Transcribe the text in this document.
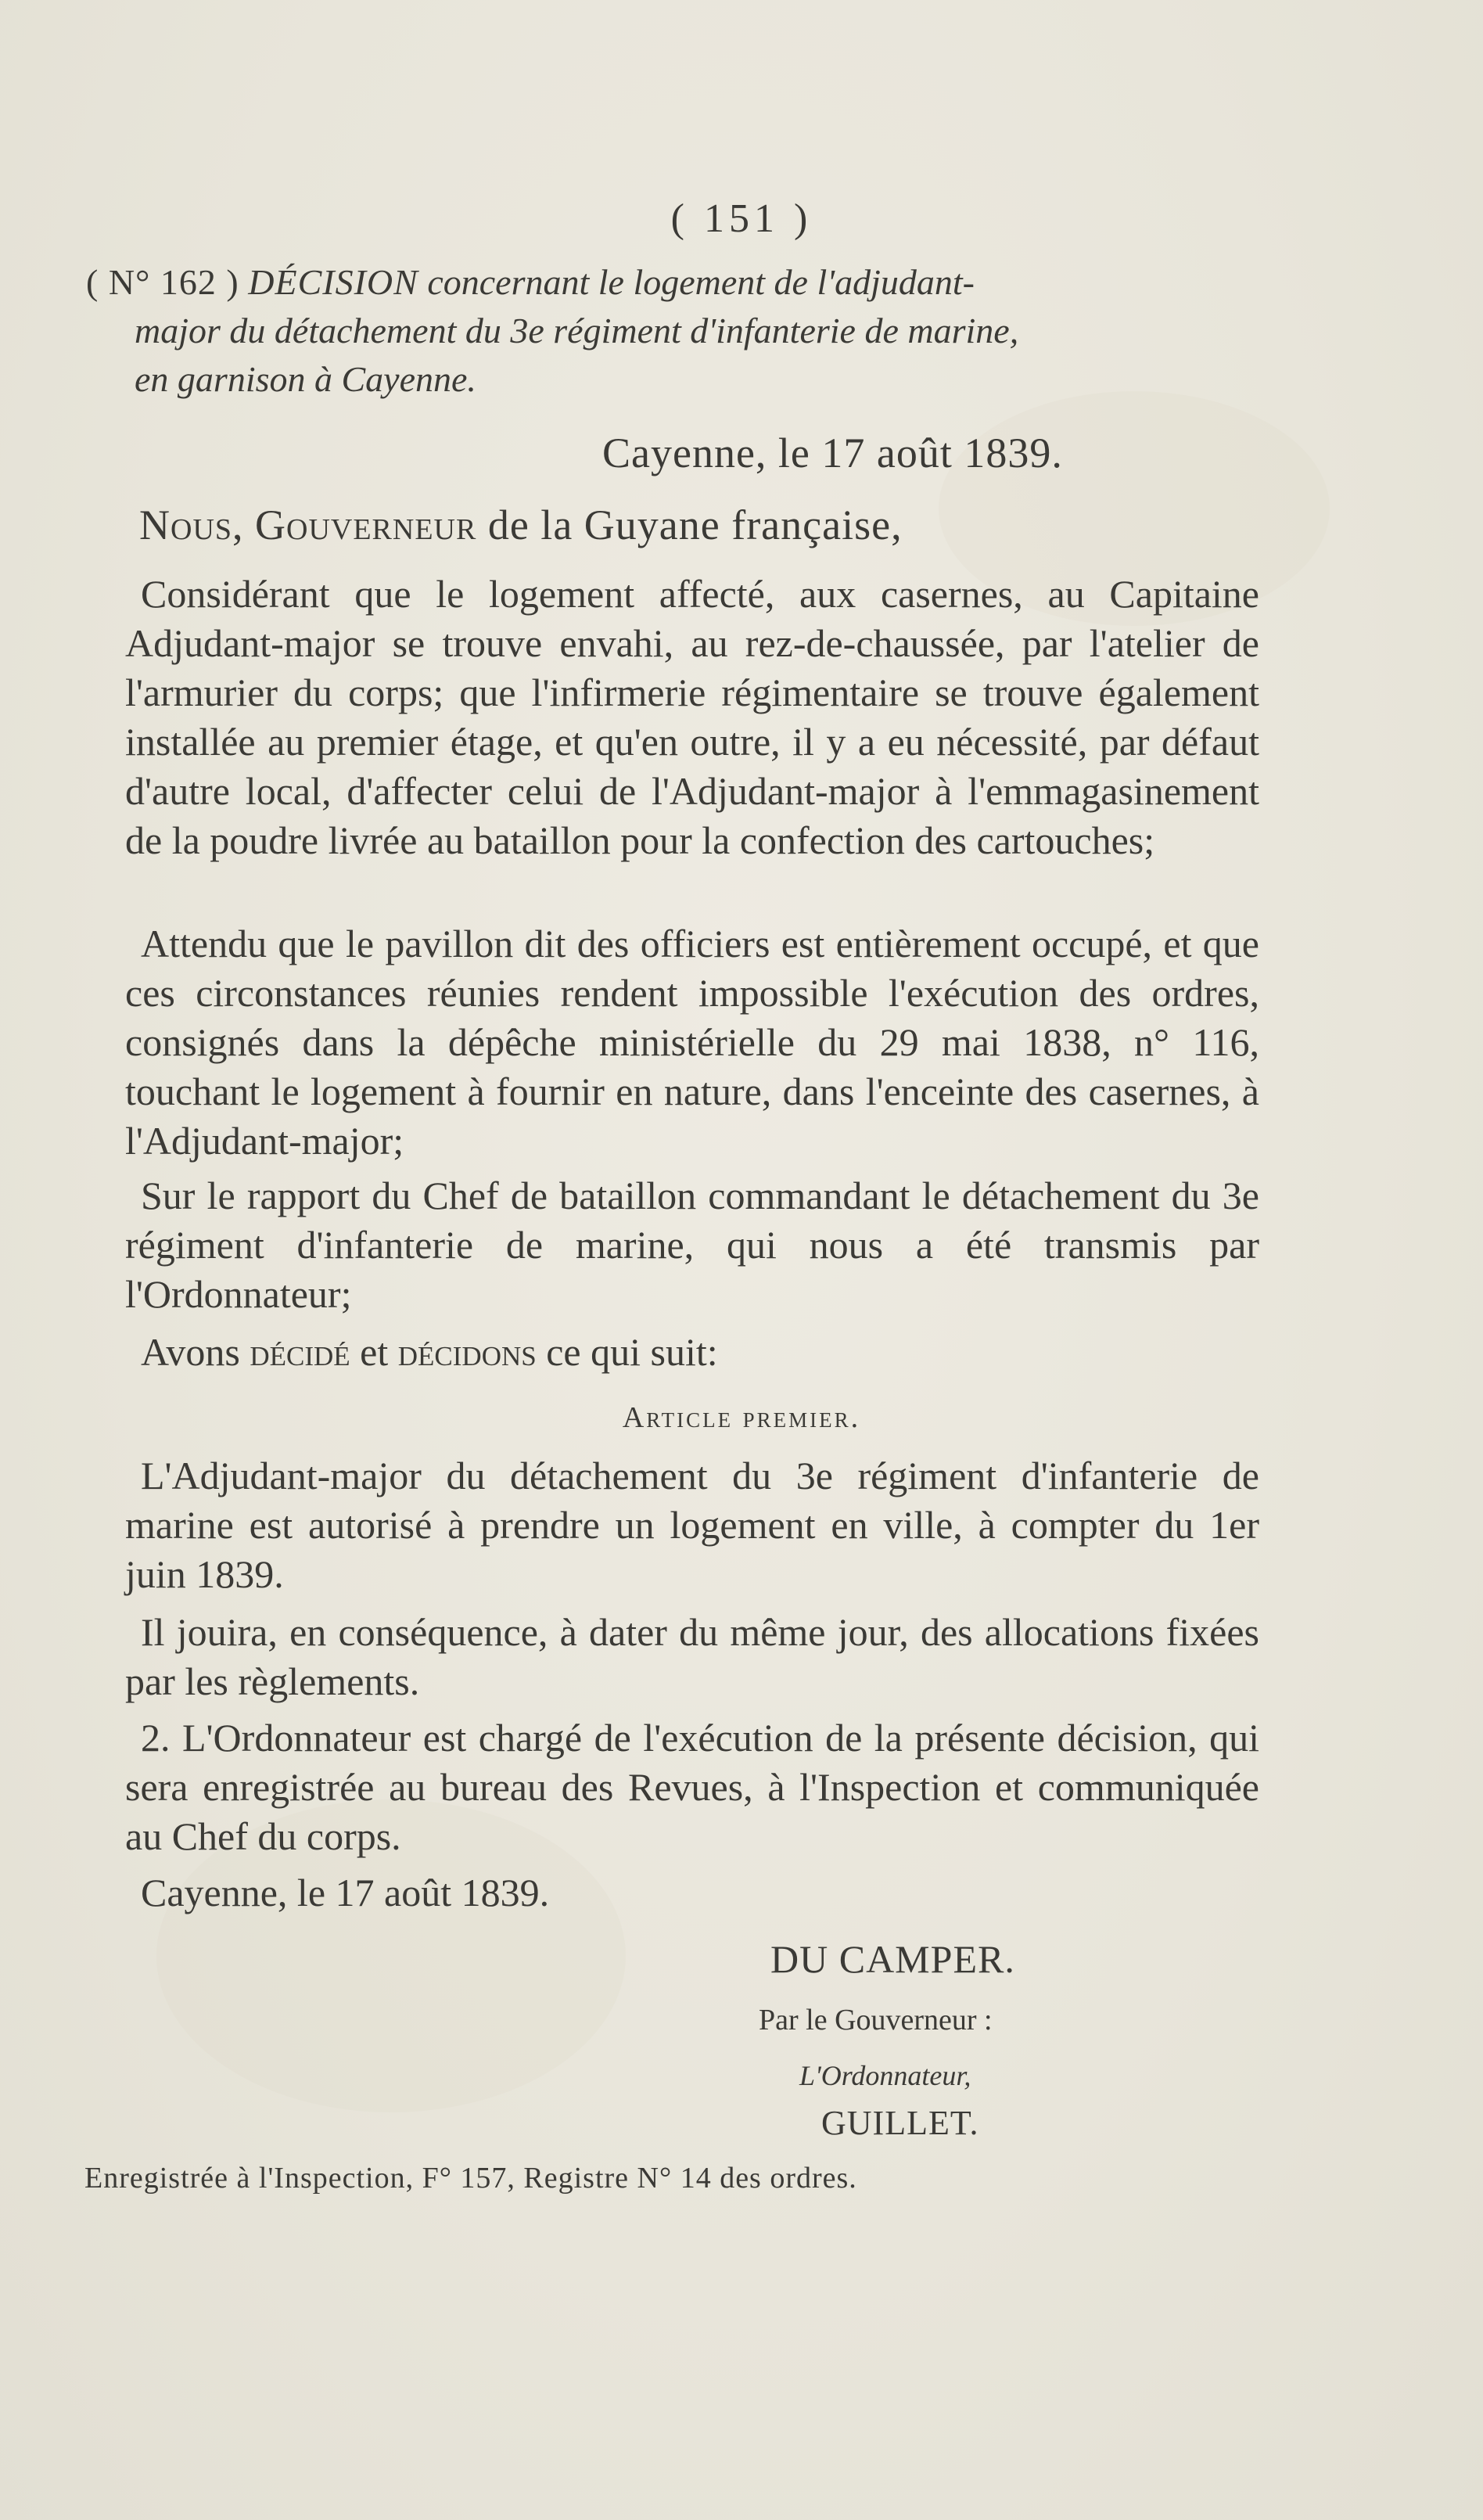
( 151 )
( N° 162 ) DÉCISION concernant le logement de l'adjudant-
major du détachement du 3e régiment d'infanterie de marine,
en garnison à Cayenne.
Cayenne, le 17 août 1839.
Nous, Gouverneur de la Guyane française,

Considérant que le logement affecté, aux casernes, au Capitaine Adjudant-major se trouve envahi, au rez-de-chaussée, par l'atelier de l'armurier du corps; que l'infirmerie régimentaire se trouve également installée au premier étage, et qu'en outre, il y a eu nécessité, par défaut d'autre local, d'affecter celui de l'Adjudant-major à l'emmagasinement de la poudre livrée au bataillon pour la confection des cartouches;

Attendu que le pavillon dit des officiers est entièrement occupé, et que ces circonstances réunies rendent impossible l'exécution des ordres, consignés dans la dépêche ministérielle du 29 mai 1838, n° 116, touchant le logement à fournir en nature, dans l'enceinte des casernes, à l'Adjudant-major;

Sur le rapport du Chef de bataillon commandant le détachement du 3e régiment d'infanterie de marine, qui nous a été transmis par l'Ordonnateur;

Avons décidé et décidons ce qui suit:

Article premier.

L'Adjudant-major du détachement du 3e régiment d'infanterie de marine est autorisé à prendre un logement en ville, à compter du 1er juin 1839.

Il jouira, en conséquence, à dater du même jour, des allocations fixées par les règlements.

2. L'Ordonnateur est chargé de l'exécution de la présente décision, qui sera enregistrée au bureau des Revues, à l'Inspection et communiquée au Chef du corps.

Cayenne, le 17 août 1839.

DU CAMPER.
Par le Gouverneur :
L'Ordonnateur,
GUILLET.
Enregistrée à l'Inspection, F° 157, Registre N° 14 des ordres.
